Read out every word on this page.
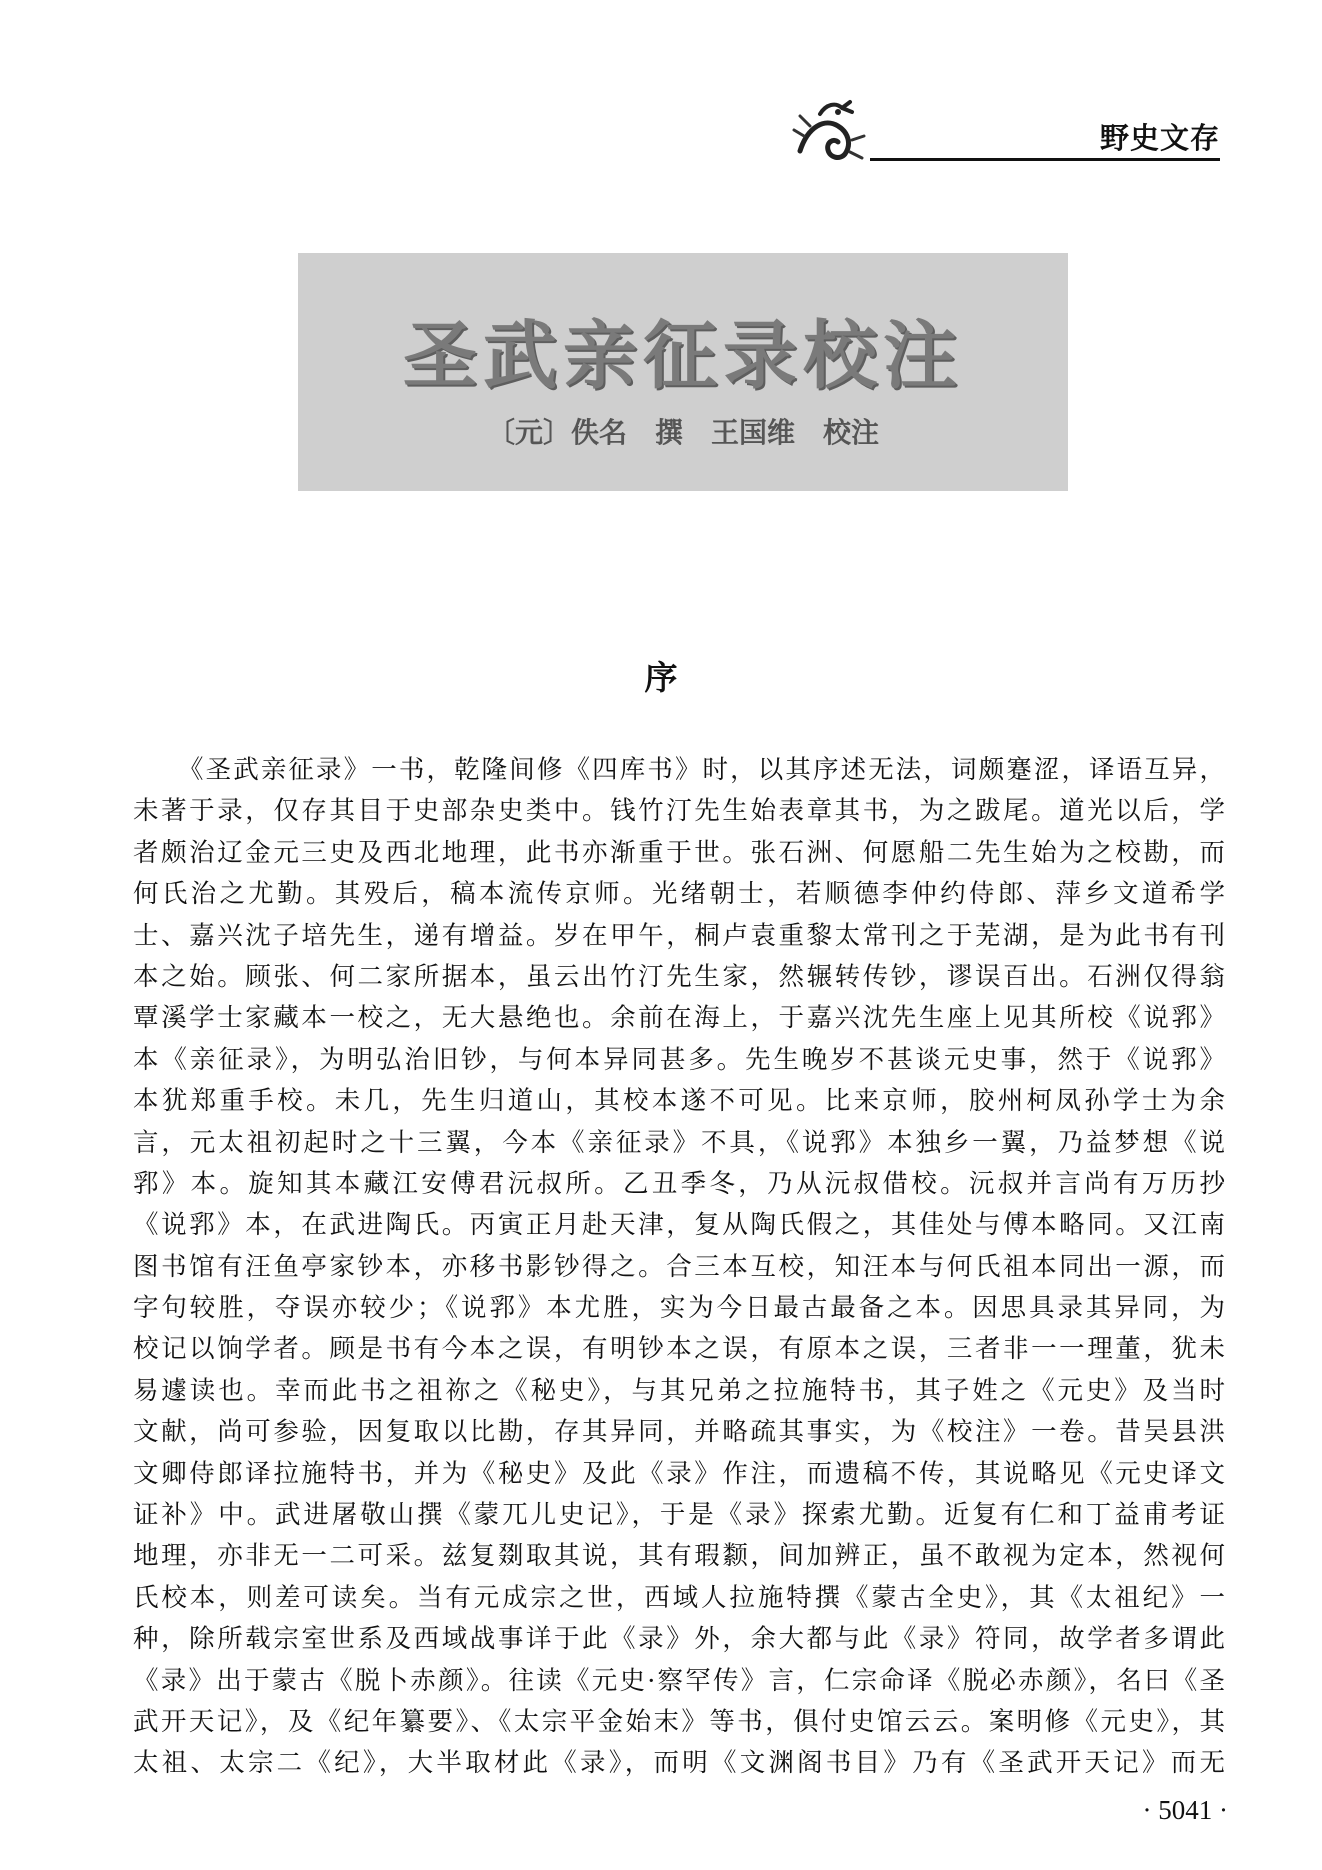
野史文存
圣武亲征录校注
〔元〕佚名　撰　王国维　校注
序
《圣武亲征录》一书，乾隆间修《四库书》时，以其序述无法，词颇蹇涩，译语互异，
未著于录，仅存其目于史部杂史类中。钱竹汀先生始表章其书，为之跋尾。道光以后，学
者颇治辽金元三史及西北地理，此书亦渐重于世。张石洲、何愿船二先生始为之校勘，而
何氏治之尤勤。其殁后，稿本流传京师。光绪朝士，若顺德李仲约侍郎、萍乡文道希学
士、嘉兴沈子培先生，递有增益。岁在甲午，桐卢袁重黎太常刊之于芜湖，是为此书有刊
本之始。顾张、何二家所据本，虽云出竹汀先生家，然辗转传钞，谬误百出。石洲仅得翁
覃溪学士家藏本一校之，无大悬绝也。余前在海上，于嘉兴沈先生座上见其所校《说郛》
本《亲征录》，为明弘治旧钞，与何本异同甚多。先生晚岁不甚谈元史事，然于《说郛》
本犹郑重手校。未几，先生归道山，其校本遂不可见。比来京师，胶州柯凤孙学士为余
言，元太祖初起时之十三翼，今本《亲征录》不具，《说郛》本独乡一翼，乃益梦想《说
郛》本。旋知其本藏江安傅君沅叔所。乙丑季冬，乃从沅叔借校。沅叔并言尚有万历抄
《说郛》本，在武进陶氏。丙寅正月赴天津，复从陶氏假之，其佳处与傅本略同。又江南
图书馆有汪鱼亭家钞本，亦移书影钞得之。合三本互校，知汪本与何氏祖本同出一源，而
字句较胜，夺误亦较少；《说郛》本尤胜，实为今日最古最备之本。因思具录其异同，为
校记以饷学者。顾是书有今本之误，有明钞本之误，有原本之误，三者非一一理董，犹未
易遽读也。幸而此书之祖祢之《秘史》，与其兄弟之拉施特书，其子姓之《元史》及当时
文献，尚可参验，因复取以比勘，存其异同，并略疏其事实，为《校注》一卷。昔吴县洪
文卿侍郎译拉施特书，并为《秘史》及此《录》作注，而遗稿不传，其说略见《元史译文
证补》中。武进屠敬山撰《蒙兀儿史记》，于是《录》探索尤勤。近复有仁和丁益甫考证
地理，亦非无一二可采。兹复剟取其说，其有瑕颣，间加辨正，虽不敢视为定本，然视何
氏校本，则差可读矣。当有元成宗之世，西域人拉施特撰《蒙古全史》，其《太祖纪》一
种，除所载宗室世系及西域战事详于此《录》外，余大都与此《录》符同，故学者多谓此
《录》出于蒙古《脱卜赤颜》。往读《元史·察罕传》言，仁宗命译《脱必赤颜》，名曰《圣
武开天记》，及《纪年纂要》、《太宗平金始末》等书，俱付史馆云云。案明修《元史》，其
太祖、太宗二《纪》，大半取材此《录》，而明《文渊阁书目》乃有《圣武开天记》而无
· 5041 ·
